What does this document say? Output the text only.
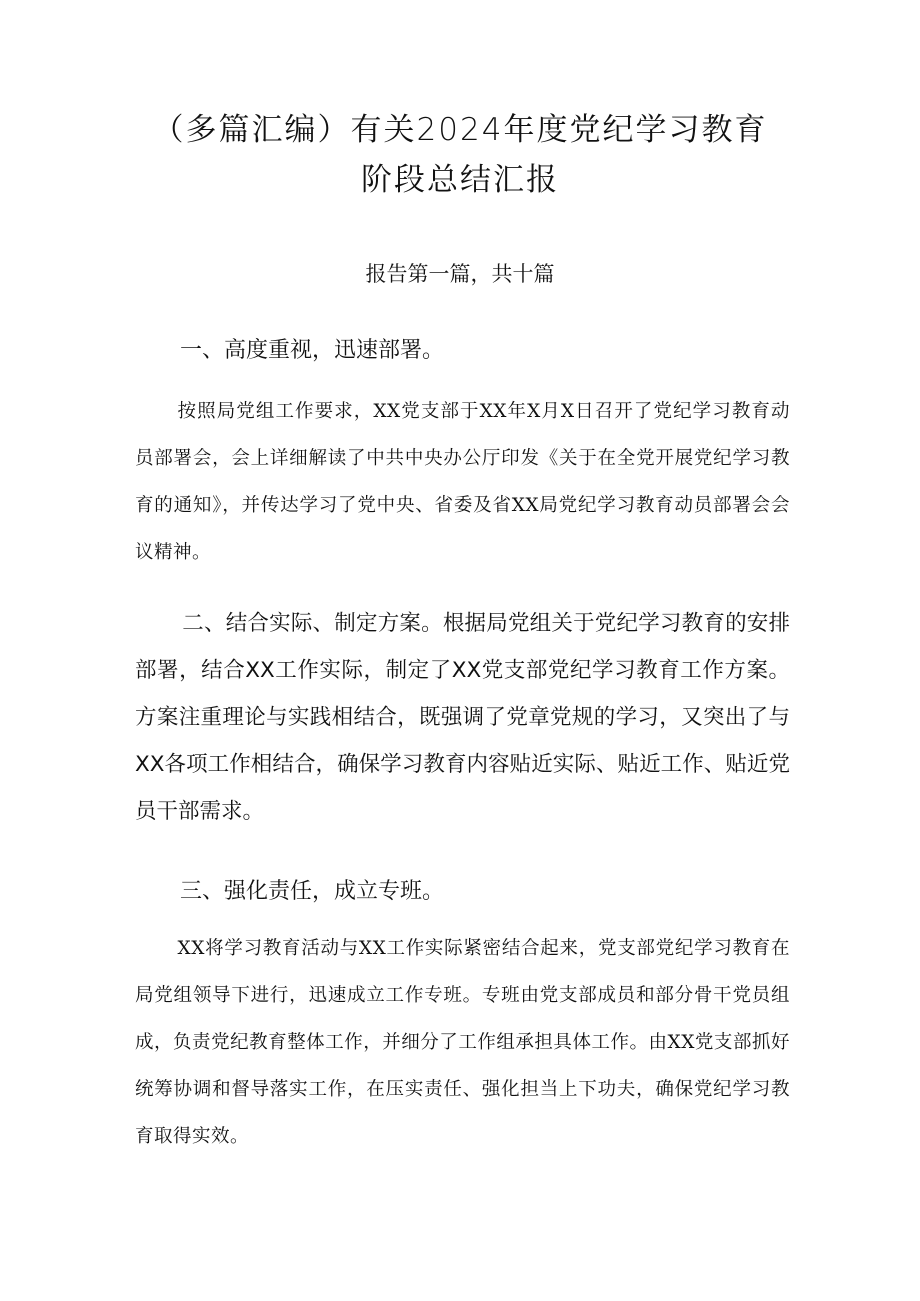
（多篇汇编）有关2024年度党纪学习教育
阶段总结汇报

报告第一篇，共十篇

一、高度重视，迅速部署。

按照局党组工作要求，XX党支部于XX年X月X日召开了党纪学习教育动员部署会，会上详细解读了中共中央办公厅印发《关于在全党开展党纪学习教育的通知》，并传达学习了党中央、省委及省XX局党纪学习教育动员部署会会议精神。

二、结合实际、制定方案。根据局党组关于党纪学习教育的安排部署，结合XX工作实际，制定了XX党支部党纪学习教育工作方案。方案注重理论与实践相结合，既强调了党章党规的学习，又突出了与XX各项工作相结合，确保学习教育内容贴近实际、贴近工作、贴近党员干部需求。

三、强化责任，成立专班。

XX将学习教育活动与XX工作实际紧密结合起来，党支部党纪学习教育在局党组领导下进行，迅速成立工作专班。专班由党支部成员和部分骨干党员组成，负责党纪教育整体工作，并细分了工作组承担具体工作。由XX党支部抓好统筹协调和督导落实工作，在压实责任、强化担当上下功夫，确保党纪学习教育取得实效。
